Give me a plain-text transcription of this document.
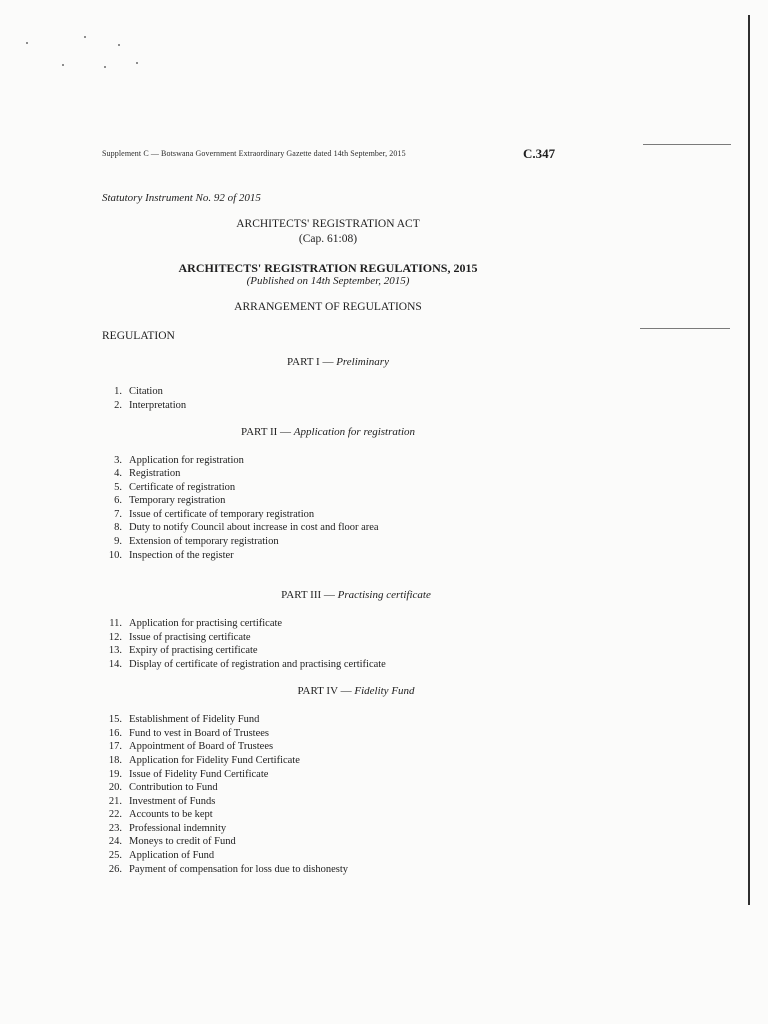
Supplement C — Botswana Government Extraordinary Gazette dated 14th September, 2015	C.347
Statutory Instrument No. 92 of 2015
ARCHITECTS' REGISTRATION ACT
(Cap. 61:08)
ARCHITECTS' REGISTRATION REGULATIONS, 2015
(Published on 14th September, 2015)
ARRANGEMENT OF REGULATIONS
REGULATION
PART I — Preliminary
1. Citation
2. Interpretation
PART II — Application for registration
3. Application for registration
4. Registration
5. Certificate of registration
6. Temporary registration
7. Issue of certificate of temporary registration
8. Duty to notify Council about increase in cost and floor area
9. Extension of temporary registration
10. Inspection of the register
PART III — Practising certificate
11. Application for practising certificate
12. Issue of practising certificate
13. Expiry of practising certificate
14. Display of certificate of registration and practising certificate
PART IV — Fidelity Fund
15. Establishment of Fidelity Fund
16. Fund to vest in Board of Trustees
17. Appointment of Board of Trustees
18. Application for Fidelity Fund Certificate
19. Issue of Fidelity Fund Certificate
20. Contribution to Fund
21. Investment of Funds
22. Accounts to be kept
23. Professional indemnity
24. Moneys to credit of Fund
25. Application of Fund
26. Payment of compensation for loss due to dishonesty
